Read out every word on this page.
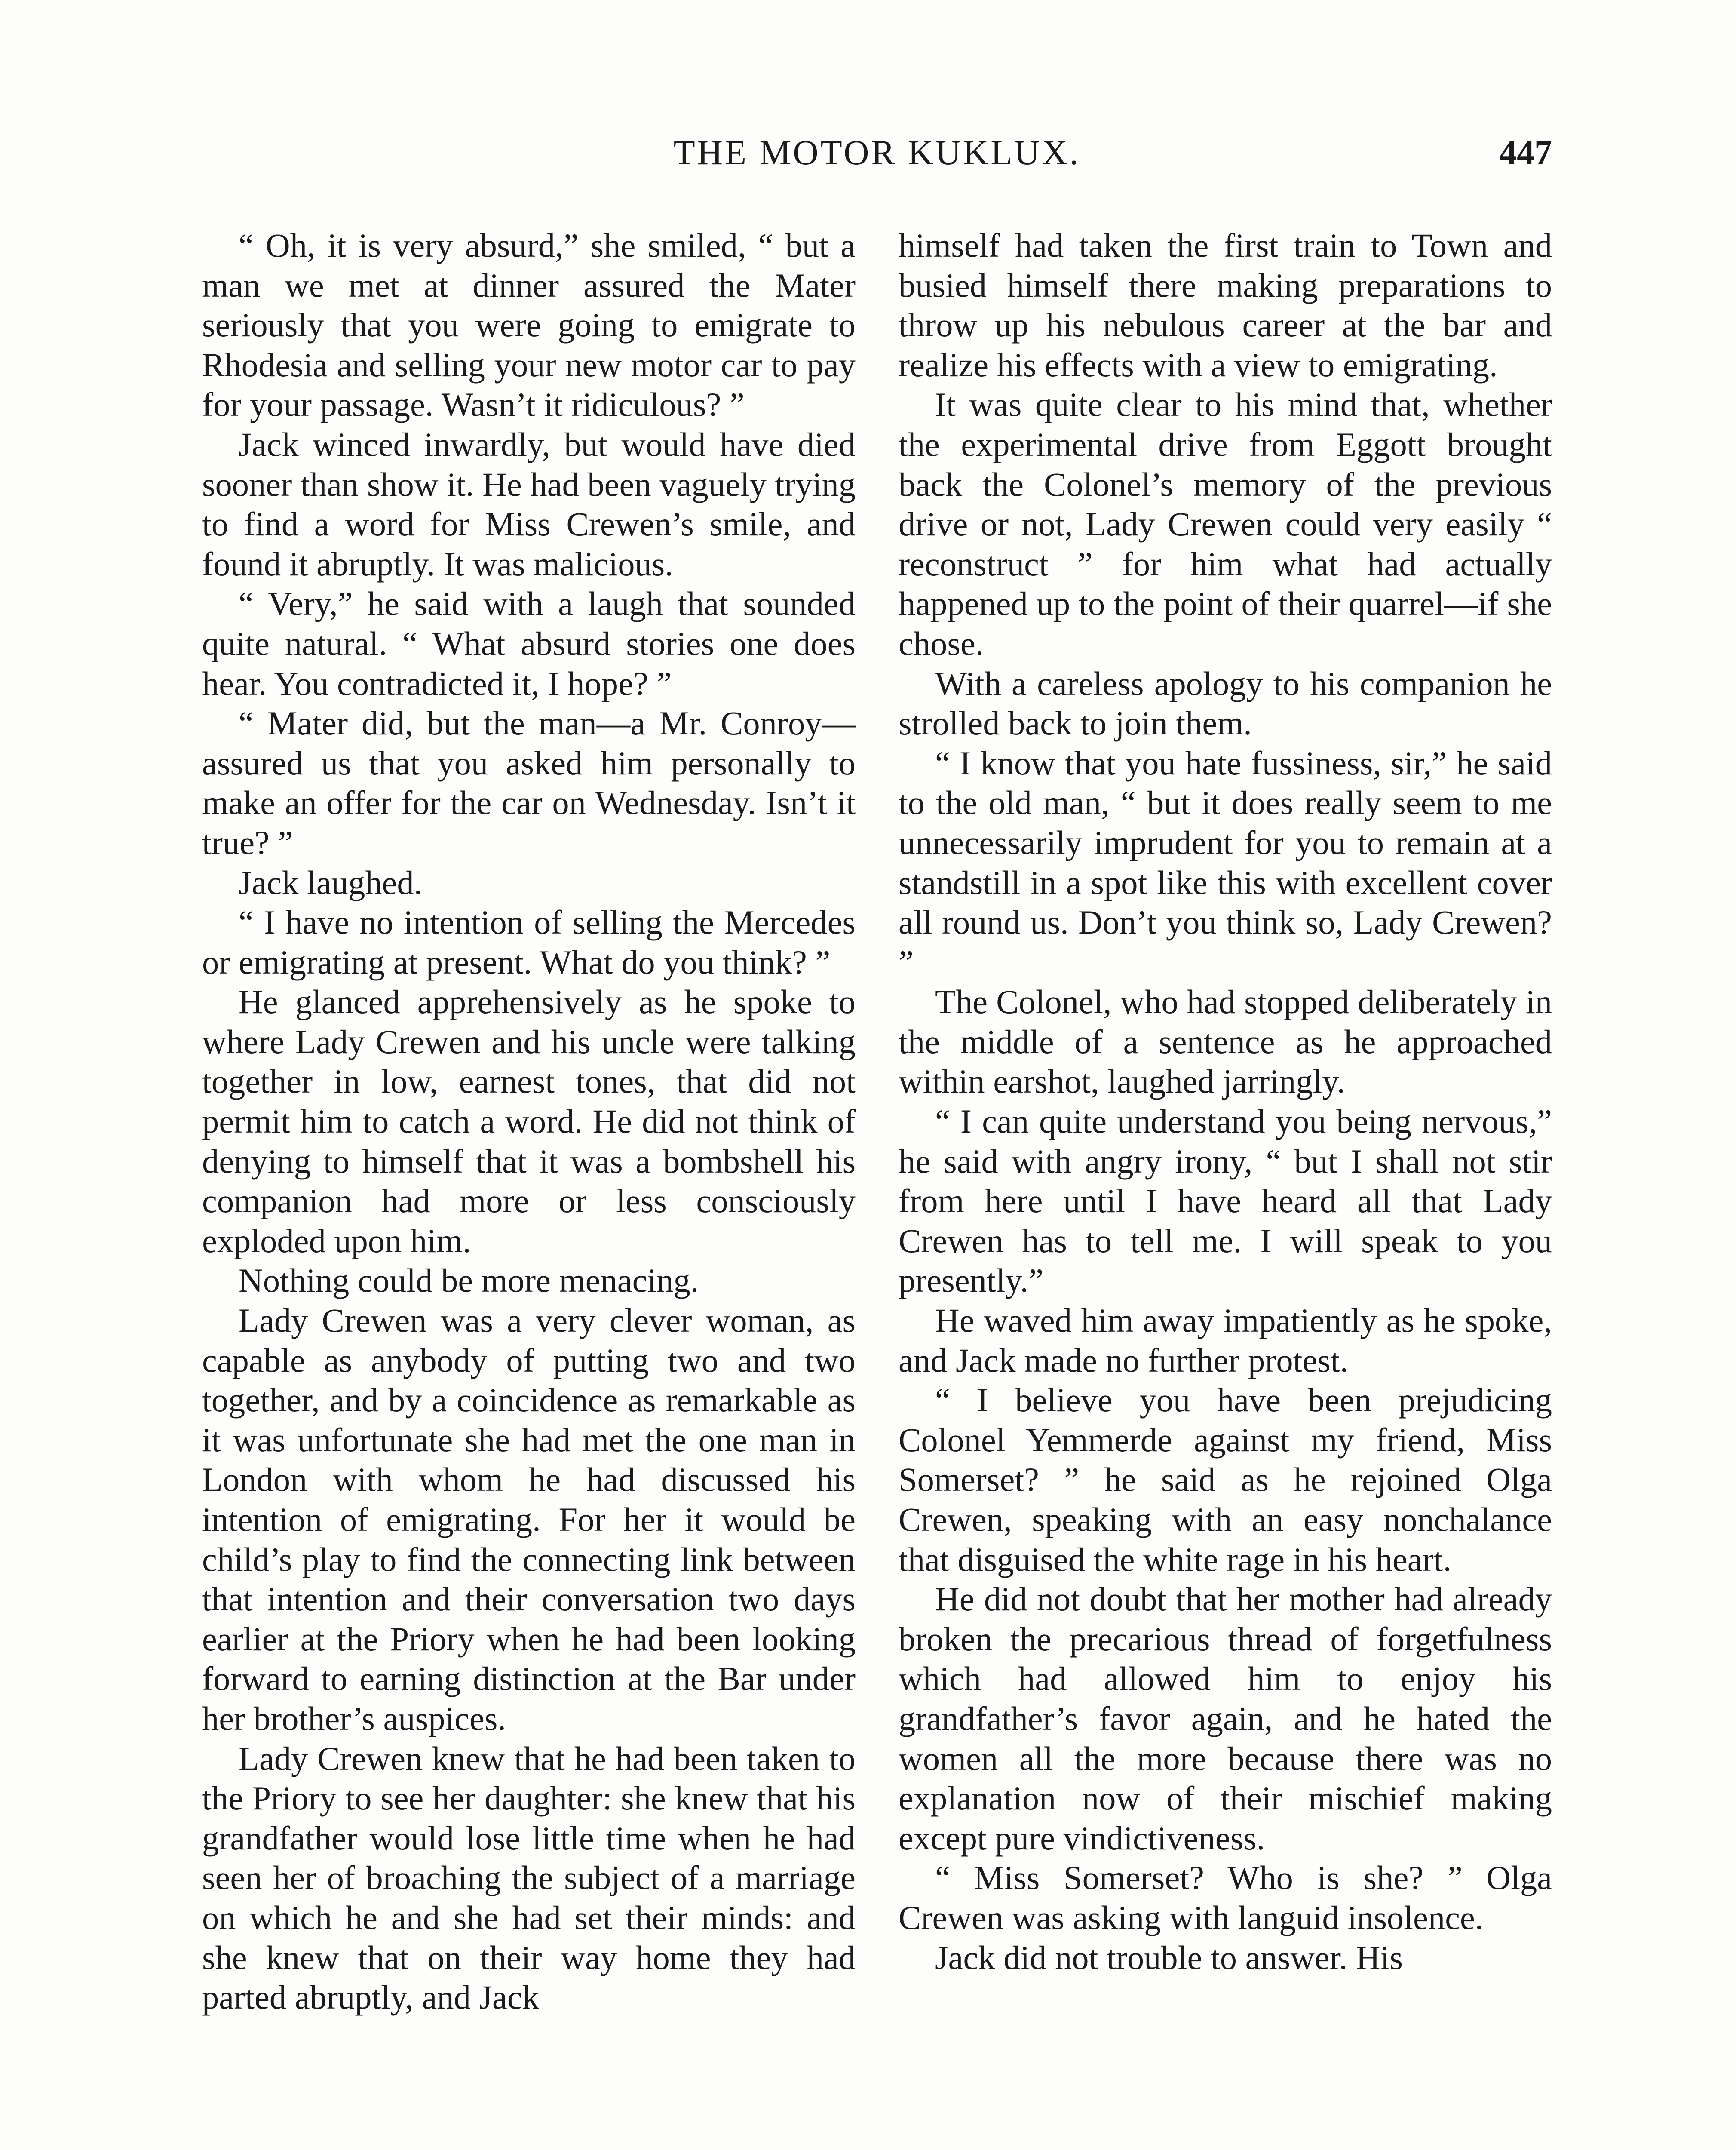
THE MOTOR KUKLUX.	447

“ Oh, it is very absurd,” she smiled, “ but a man we met at dinner assured the Mater seriously that you were going to emigrate to Rhodesia and selling your new motor car to pay for your passage. Wasn’t it ridiculous? ”

Jack winced inwardly, but would have died sooner than show it. He had been vaguely trying to find a word for Miss Crewen’s smile, and found it abruptly. It was malicious.

“ Very,” he said with a laugh that sounded quite natural. “ What absurd stories one does hear. You contradicted it, I hope? ”

“ Mater did, but the man—a Mr. Conroy—assured us that you asked him personally to make an offer for the car on Wednesday. Isn’t it true? ”

Jack laughed.

“ I have no intention of selling the Mercedes or emigrating at present. What do you think? ”

He glanced apprehensively as he spoke to where Lady Crewen and his uncle were talking together in low, earnest tones, that did not permit him to catch a word. He did not think of denying to himself that it was a bombshell his companion had more or less consciously exploded upon him.

Nothing could be more menacing.

Lady Crewen was a very clever woman, as capable as anybody of putting two and two together, and by a coincidence as remarkable as it was unfortunate she had met the one man in London with whom he had discussed his intention of emigrating. For her it would be child’s play to find the connecting link between that intention and their conversation two days earlier at the Priory when he had been looking forward to earning distinction at the Bar under her brother’s auspices.

Lady Crewen knew that he had been taken to the Priory to see her daughter: she knew that his grandfather would lose little time when he had seen her of broaching the subject of a marriage on which he and she had set their minds: and she knew that on their way home they had parted abruptly, and Jack

himself had taken the first train to Town and busied himself there making preparations to throw up his nebulous career at the bar and realize his effects with a view to emigrating.

It was quite clear to his mind that, whether the experimental drive from Eggott brought back the Colonel’s memory of the previous drive or not, Lady Crewen could very easily “ reconstruct ” for him what had actually happened up to the point of their quarrel—if she chose.

With a careless apology to his companion he strolled back to join them.

“ I know that you hate fussiness, sir,” he said to the old man, “ but it does really seem to me unnecessarily imprudent for you to remain at a standstill in a spot like this with excellent cover all round us. Don’t you think so, Lady Crewen? ”

The Colonel, who had stopped deliberately in the middle of a sentence as he approached within earshot, laughed jarringly.

“ I can quite understand you being nervous,” he said with angry irony, “ but I shall not stir from here until I have heard all that Lady Crewen has to tell me. I will speak to you presently.”

He waved him away impatiently as he spoke, and Jack made no further protest.

“ I believe you have been prejudicing Colonel Yemmerde against my friend, Miss Somerset? ” he said as he rejoined Olga Crewen, speaking with an easy nonchalance that disguised the white rage in his heart.

He did not doubt that her mother had already broken the precarious thread of forgetfulness which had allowed him to enjoy his grandfather’s favor again, and he hated the women all the more because there was no explanation now of their mischief making except pure vindictiveness.

“ Miss Somerset? Who is she? ” Olga Crewen was asking with languid insolence.

Jack did not trouble to answer. His
